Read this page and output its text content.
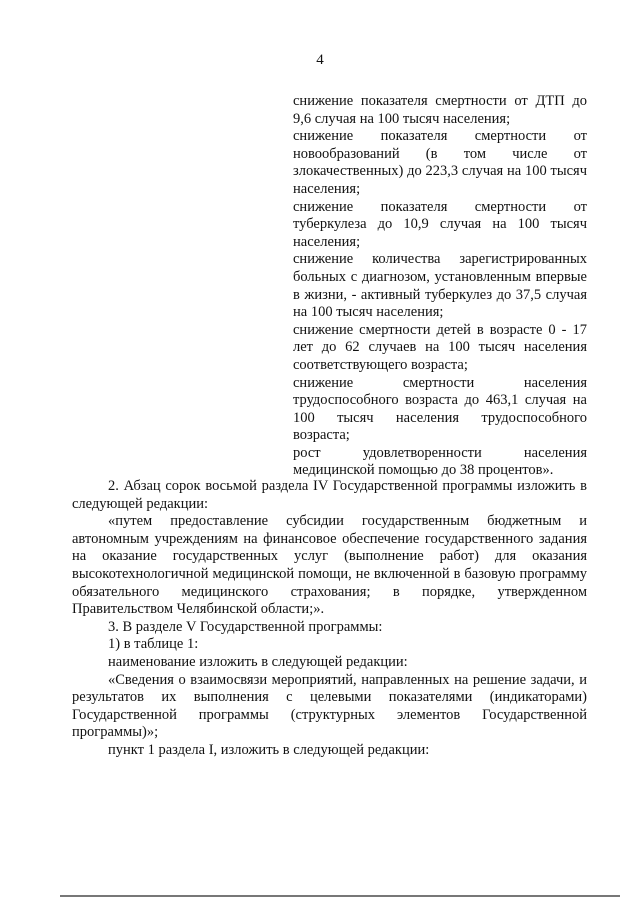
4

снижение показателя смертности от ДТП до 9,6 случая на 100 тысяч населения;

снижение показателя смертности от новообразований (в том числе от злокачественных) до 223,3 случая на 100 тысяч населения;

снижение показателя смертности от туберкулеза до 10,9 случая на 100 тысяч населения;

снижение количества зарегистрированных больных с диагнозом, установленным впервые в жизни, - активный туберкулез до 37,5 случая на 100 тысяч населения;

снижение смертности детей в возрасте 0 - 17 лет до 62 случаев на 100 тысяч населения соответствующего возраста;

снижение смертности населения трудоспособного возраста до 463,1 случая на 100 тысяч населения трудоспособного возраста;

рост удовлетворенности населения медицинской помощью до 38 процентов».

2. Абзац сорок восьмой раздела IV Государственной программы изложить в следующей редакции:

«путем предоставление субсидии государственным бюджетным и автономным учреждениям на финансовое обеспечение государственного задания на оказание государственных услуг (выполнение работ) для оказания высокотехнологичной медицинской помощи, не включенной в базовую программу обязательного медицинского страхования; в порядке, утвержденном Правительством Челябинской области;».

3. В разделе V Государственной программы:

1) в таблице 1:

наименование изложить в следующей редакции:

«Сведения о взаимосвязи мероприятий, направленных на решение задачи, и результатов их выполнения с целевыми показателями (индикаторами) Государственной программы (структурных элементов Государственной программы)»;

пункт 1 раздела I, изложить в следующей редакции:
